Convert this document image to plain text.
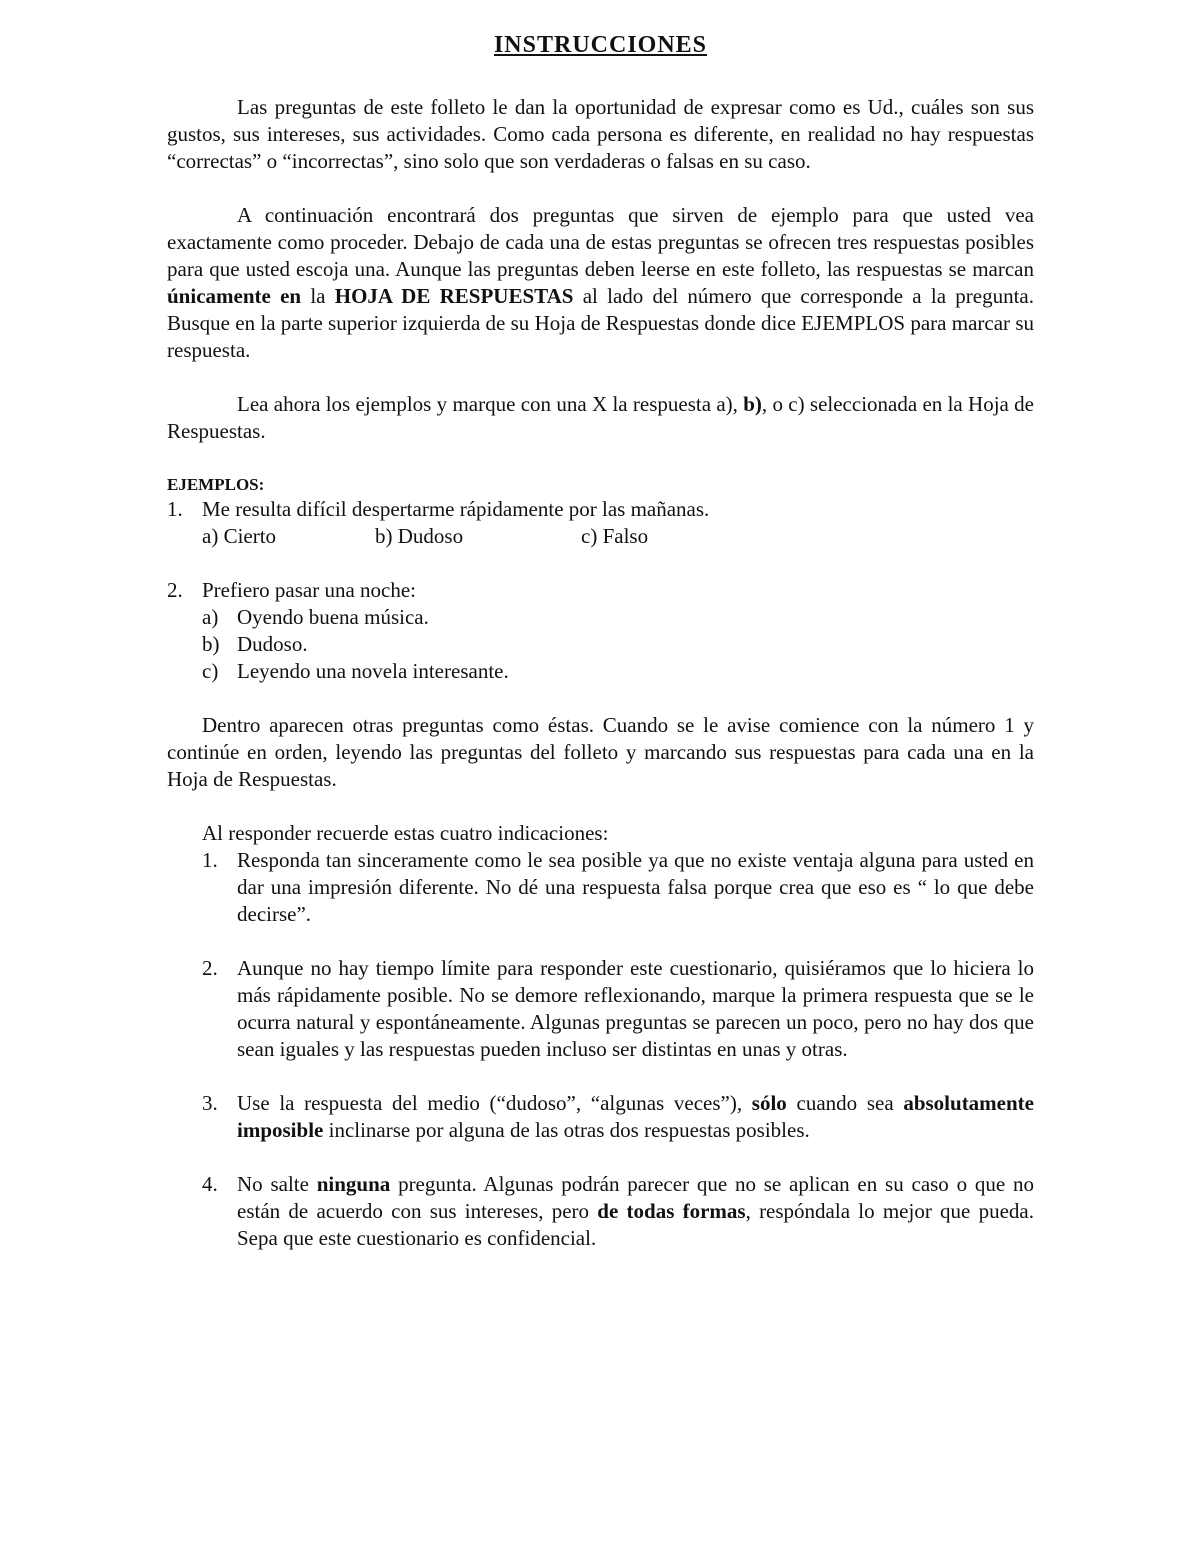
INSTRUCCIONES

Las preguntas de este folleto le dan la oportunidad de expresar como es Ud., cuáles son sus gustos, sus intereses, sus actividades. Como cada persona es diferente, en realidad no hay respuestas “correctas” o “incorrectas”, sino solo que son verdaderas o falsas en su caso.

A continuación encontrará dos preguntas que sirven de ejemplo para que usted vea exactamente como proceder. Debajo de cada una de estas preguntas se ofrecen tres respuestas posibles para que usted escoja una. Aunque las preguntas deben leerse en este folleto, las respuestas se marcan únicamente en la HOJA DE RESPUESTAS al lado del número que corresponde a la pregunta. Busque en la parte superior izquierda de su Hoja de Respuestas donde dice EJEMPLOS para marcar su respuesta.

Lea ahora los ejemplos y marque con una X la respuesta a), b), o c) seleccionada en la Hoja de Respuestas.

EJEMPLOS:

1. Me resulta difícil despertarme rápidamente por las mañanas.
a) Cierto	b) Dudoso	c) Falso
2. Prefiero pasar una noche:
a) Oyendo buena música.
b) Dudoso.
c) Leyendo una novela interesante.

Dentro aparecen otras preguntas como éstas. Cuando se le avise comience con la número 1 y continúe en orden, leyendo las preguntas del folleto y marcando sus respuestas para cada una en la Hoja de Respuestas.

Al responder recuerde estas cuatro indicaciones:

1. Responda tan sinceramente como le sea posible ya que no existe ventaja alguna para usted en dar una impresión diferente. No dé una respuesta falsa porque crea que eso es “ lo que debe decirse”.
2. Aunque no hay tiempo límite para responder este cuestionario, quisiéramos que lo hiciera lo más rápidamente posible. No se demore reflexionando, marque la primera respuesta que se le ocurra natural y espontáneamente. Algunas preguntas se parecen un poco, pero no hay dos que sean iguales y las respuestas pueden incluso ser distintas en unas y otras.
3. Use la respuesta del medio (“dudoso”, “algunas veces”), sólo cuando sea absolutamente imposible inclinarse por alguna de las otras dos respuestas posibles.
4. No salte ninguna pregunta. Algunas podrán parecer que no se aplican en su caso o que no están de acuerdo con sus intereses, pero de todas formas, respóndala lo mejor que pueda. Sepa que este cuestionario es confidencial.
